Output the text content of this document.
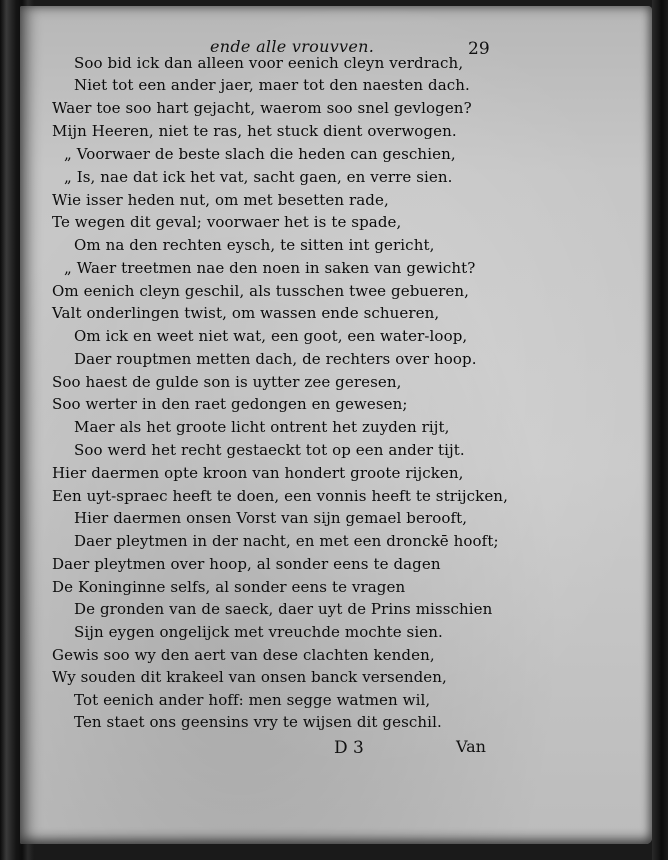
ende alle vrouvven.	29
Soo bid ick dan alleen voor eenich cleyn verdrach,
Niet tot een ander jaer, maer tot den naesten dach.
Waer toe soo hart gejacht, waerom soo snel gevlogen?
Mijn Heeren, niet te ras, het stuck dient overwogen.
„ Voorwaer de beste slach die heden can geschien,
„ Is, nae dat ick het vat, sacht gaen, en verre sien.
Wie isser heden nut, om met besetten rade,
Te wegen dit geval; voorwaer het is te spade,
Om na den rechten eysch, te sitten int gericht,
„ Waer treetmen nae den noen in saken van gewicht?
Om eenich cleyn geschil, als tusschen twee gebueren,
Valt onderlingen twist, om wassen ende schueren,
Om ick en weet niet wat, een goot, een water-loop,
Daer rouptmen metten dach, de rechters over hoop.
Soo haest de gulde son is uytter zee geresen,
Soo werter in den raet gedongen en gewesen;
Maer als het groote licht ontrent het zuyden rijt,
Soo werd het recht gestaeckt tot op een ander tijt.
Hier daermen opte kroon van hondert groote rijcken,
Een uyt-spraec heeft te doen, een vonnis heeft te strijcken,
Hier daermen onsen Vorst van sijn gemael berooft,
Daer pleytmen in der nacht, en met een dronckē hooft;
Daer pleytmen over hoop, al sonder eens te dagen
De Koninginne selfs, al sonder eens te vragen
De gronden van de saeck, daer uyt de Prins misschien
Sijn eygen ongelijck met vreuchde mochte sien.
Gewis soo wy den aert van dese clachten kenden,
Wy souden dit krakeel van onsen banck versenden,
Tot eenich ander hoff: men segge watmen wil,
Ten staet ons geensins vry te wijsen dit geschil.
D 3	Van
